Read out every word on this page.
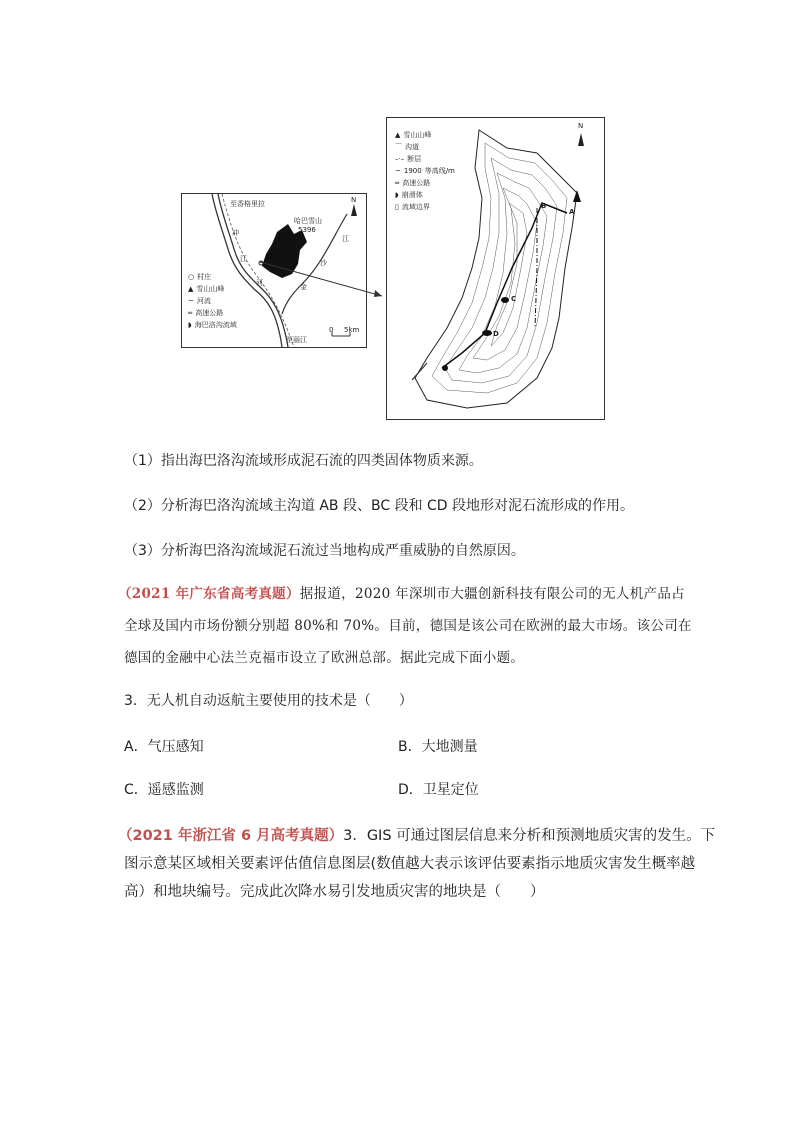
至香格里拉
哈巴雪山
5396
N
江
沙
金
冲
江
河
至丽江
0 5km
○ 村庄
▲ 雪山山峰
~ 河流
═ 高速公路
◗ 海巴洛沟流域
N
A
B
C
D
▲ 雪山山峰
⌒ 沟道
–·– 断层
~ 1900 等高线/m
═ 高速公路
◗ 崩滑体
▯ 流域边界
（1）指出海巴洛沟流域形成泥石流的四类固体物质来源。
（2）分析海巴洛沟流域主沟道 AB 段、BC 段和 CD 段地形对泥石流形成的作用。
（3）分析海巴洛沟流域泥石流过当地构成严重威胁的自然原因。
（2021 年广东省高考真题）据报道，2020 年深圳市大疆创新科技有限公司的无人机产品占
全球及国内市场份额分别超 80%和 70%。目前，德国是该公司在欧洲的最大市场。该公司在
德国的金融中心法兰克福市设立了欧洲总部。据此完成下面小题。
3．无人机自动返航主要使用的技术是（　　）
A．气压感知	B．大地测量
C．遥感监测	D．卫星定位
（2021 年浙江省 6 月高考真题）3．GIS 可通过图层信息来分析和预测地质灾害的发生。下
图示意某区域相关要素评估值信息图层(数值越大表示该评估要素指示地质灾害发生概率越
高）和地块编号。完成此次降水易引发地质灾害的地块是（　　）
